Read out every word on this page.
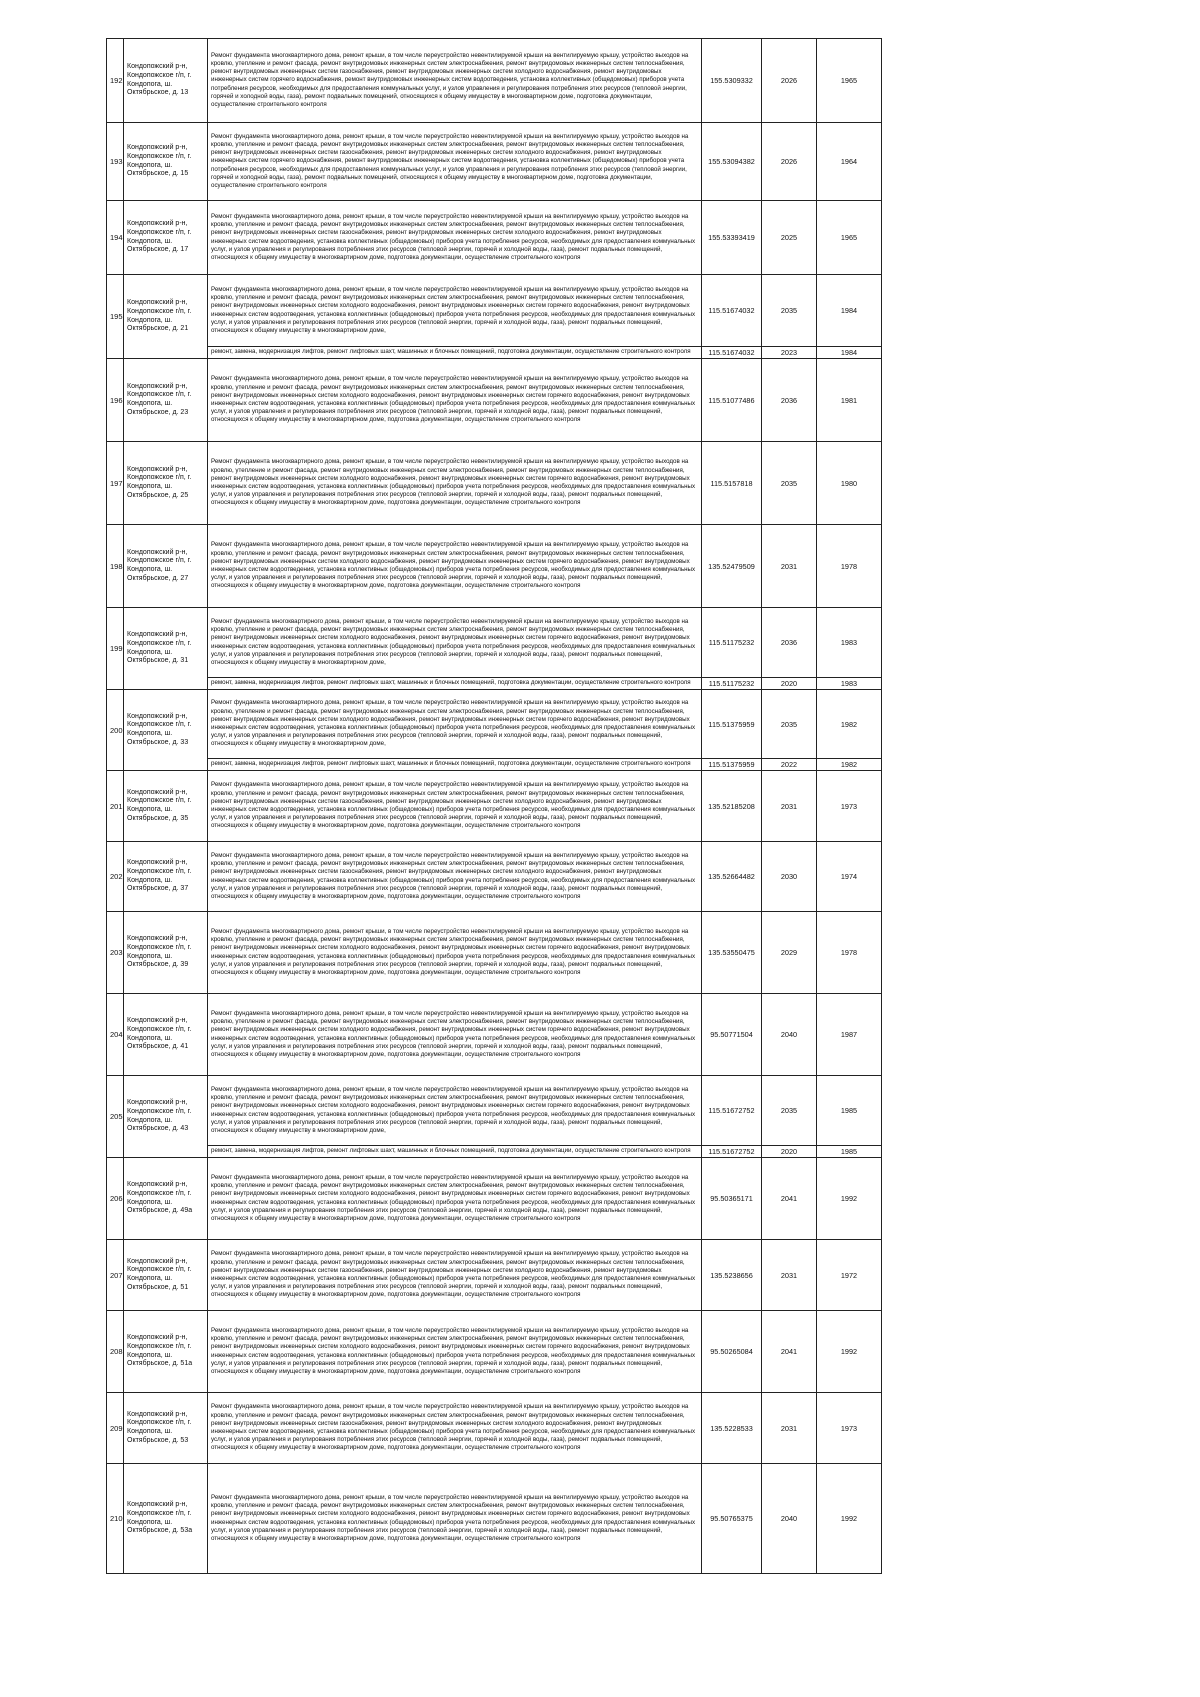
192	Кондопожский р-н, Кондопожское г/п, г. Кондопога, ш. Октябрьское, д. 13	Ремонт фундамента многоквартирного дома, ремонт крыши, в том числе переустройство невентилируемой крыши на вентилируемую крышу, устройство выходов на кровлю, утепление и ремонт фасада, ремонт внутридомовых инженерных систем электроснабжения, ремонт внутридомовых инженерных систем теплоснабжения, ремонт внутридомовых инженерных систем газоснабжения, ремонт внутридомовых инженерных систем холодного водоснабжения, ремонт внутридомовых инженерных систем горячего водоснабжения, ремонт внутридомовых инженерных систем водоотведения, установка коллективных (общедомовых) приборов учета потребления ресурсов, необходимых для предоставления коммунальных услуг, и узлов управления и регулирования потребления этих ресурсов (тепловой энергии, горячей и холодной воды, газа), ремонт подвальных помещений, относящихся к общему имуществу в многоквартирном доме, подготовка документации, осуществление строительного контроля	155.5309332	2026	1965
193	Кондопожский р-н, Кондопожское г/п, г. Кондопога, ш. Октябрьское, д. 15	Ремонт фундамента многоквартирного дома, ремонт крыши, в том числе переустройство невентилируемой крыши на вентилируемую крышу, устройство выходов на кровлю, утепление и ремонт фасада, ремонт внутридомовых инженерных систем электроснабжения, ремонт внутридомовых инженерных систем теплоснабжения, ремонт внутридомовых инженерных систем газоснабжения, ремонт внутридомовых инженерных систем холодного водоснабжения, ремонт внутридомовых инженерных систем горячего водоснабжения, ремонт внутридомовых инженерных систем водоотведения, установка коллективных (общедомовых) приборов учета потребления ресурсов, необходимых для предоставления коммунальных услуг, и узлов управления и регулирования потребления этих ресурсов (тепловой энергии, горячей и холодной воды, газа), ремонт подвальных помещений, относящихся к общему имуществу в многоквартирном доме, подготовка документации, осуществление строительного контроля	155.53094382	2026	1964
194	Кондопожский р-н, Кондопожское г/п, г. Кондопога, ш. Октябрьское, д. 17	Ремонт фундамента многоквартирного дома, ремонт крыши, в том числе переустройство невентилируемой крыши на вентилируемую крышу, устройство выходов на кровлю, утепление и ремонт фасада, ремонт внутридомовых инженерных систем электроснабжения, ремонт внутридомовых инженерных систем теплоснабжения, ремонт внутридомовых инженерных систем газоснабжения, ремонт внутридомовых инженерных систем холодного водоснабжения, ремонт внутридомовых инженерных систем водоотведения, установка коллективных (общедомовых) приборов учета потребления ресурсов, необходимых для предоставления коммунальных услуг, и узлов управления и регулирования потребления этих ресурсов (тепловой энергии, горячей и холодной воды, газа), ремонт подвальных помещений, относящихся к общему имуществу в многоквартирном доме, подготовка документации, осуществление строительного контроля	155.53393419	2025	1965
195	Кондопожский р-н, Кондопожское г/п, г. Кондопога, ш. Октябрьское, д. 21	Ремонт фундамента многоквартирного дома, ремонт крыши, в том числе переустройство невентилируемой крыши на вентилируемую крышу, устройство выходов на кровлю, утепление и ремонт фасада, ремонт внутридомовых инженерных систем электроснабжения, ремонт внутридомовых инженерных систем теплоснабжения, ремонт внутридомовых инженерных систем холодного водоснабжения, ремонт внутридомовых инженерных систем горячего водоснабжения, ремонт внутридомовых инженерных систем водоотведения, установка коллективных (общедомовых) приборов учета потребления ресурсов, необходимых для предоставления коммунальных услуг, и узлов управления и регулирования потребления этих ресурсов (тепловой энергии, горячей и холодной воды, газа), ремонт подвальных помещений, относящихся к общему имуществу в многоквартирном доме,	115.51674032	2035	1984
		ремонт, замена, модернизация лифтов, ремонт лифтовых шахт, машинных и блочных помещений, подготовка документации, осуществление строительного контроля	115.51674032	2023	1984
196	Кондопожский р-н, Кондопожское г/п, г. Кондопога, ш. Октябрьское, д. 23	Ремонт фундамента многоквартирного дома, ремонт крыши, в том числе переустройство невентилируемой крыши на вентилируемую крышу, устройство выходов на кровлю, утепление и ремонт фасада, ремонт внутридомовых инженерных систем электроснабжения, ремонт внутридомовых инженерных систем теплоснабжения, ремонт внутридомовых инженерных систем холодного водоснабжения, ремонт внутридомовых инженерных систем горячего водоснабжения, ремонт внутридомовых инженерных систем водоотведения, установка коллективных (общедомовых) приборов учета потребления ресурсов, необходимых для предоставления коммунальных услуг, и узлов управления и регулирования потребления этих ресурсов (тепловой энергии, горячей и холодной воды, газа), ремонт подвальных помещений, относящихся к общему имуществу в многоквартирном доме, подготовка документации, осуществление строительного контроля	115.51077486	2036	1981
197	Кондопожский р-н, Кондопожское г/п, г. Кондопога, ш. Октябрьское, д. 25	Ремонт фундамента многоквартирного дома, ремонт крыши, в том числе переустройство невентилируемой крыши на вентилируемую крышу, устройство выходов на кровлю, утепление и ремонт фасада, ремонт внутридомовых инженерных систем электроснабжения, ремонт внутридомовых инженерных систем теплоснабжения, ремонт внутридомовых инженерных систем холодного водоснабжения, ремонт внутридомовых инженерных систем горячего водоснабжения, ремонт внутридомовых инженерных систем водоотведения, установка коллективных (общедомовых) приборов учета потребления ресурсов, необходимых для предоставления коммунальных услуг, и узлов управления и регулирования потребления этих ресурсов (тепловой энергии, горячей и холодной воды, газа), ремонт подвальных помещений, относящихся к общему имуществу в многоквартирном доме, подготовка документации, осуществление строительного контроля	115.5157818	2035	1980
198	Кондопожский р-н, Кондопожское г/п, г. Кондопога, ш. Октябрьское, д. 27	Ремонт фундамента многоквартирного дома, ремонт крыши, в том числе переустройство невентилируемой крыши на вентилируемую крышу, устройство выходов на кровлю, утепление и ремонт фасада, ремонт внутридомовых инженерных систем электроснабжения, ремонт внутридомовых инженерных систем теплоснабжения, ремонт внутридомовых инженерных систем холодного водоснабжения, ремонт внутридомовых инженерных систем горячего водоснабжения, ремонт внутридомовых инженерных систем водоотведения, установка коллективных (общедомовых) приборов учета потребления ресурсов, необходимых для предоставления коммунальных услуг, и узлов управления и регулирования потребления этих ресурсов (тепловой энергии, горячей и холодной воды, газа), ремонт подвальных помещений, относящихся к общему имуществу в многоквартирном доме, подготовка документации, осуществление строительного контроля	135.52479509	2031	1978
199	Кондопожский р-н, Кондопожское г/п, г. Кондопога, ш. Октябрьское, д. 31	Ремонт фундамента многоквартирного дома, ремонт крыши, в том числе переустройство невентилируемой крыши на вентилируемую крышу, устройство выходов на кровлю, утепление и ремонт фасада, ремонт внутридомовых инженерных систем электроснабжения, ремонт внутридомовых инженерных систем теплоснабжения, ремонт внутридомовых инженерных систем холодного водоснабжения, ремонт внутридомовых инженерных систем горячего водоснабжения, ремонт внутридомовых инженерных систем водоотведения, установка коллективных (общедомовых) приборов учета потребления ресурсов, необходимых для предоставления коммунальных услуг, и узлов управления и регулирования потребления этих ресурсов (тепловой энергии, горячей и холодной воды, газа), ремонт подвальных помещений, относящихся к общему имуществу в многоквартирном доме,	115.51175232	2036	1983
		ремонт, замена, модернизация лифтов, ремонт лифтовых шахт, машинных и блочных помещений, подготовка документации, осуществление строительного контроля	115.51175232	2020	1983
200	Кондопожский р-н, Кондопожское г/п, г. Кондопога, ш. Октябрьское, д. 33	Ремонт фундамента многоквартирного дома, ремонт крыши, в том числе переустройство невентилируемой крыши на вентилируемую крышу, устройство выходов на кровлю, утепление и ремонт фасада, ремонт внутридомовых инженерных систем электроснабжения, ремонт внутридомовых инженерных систем теплоснабжения, ремонт внутридомовых инженерных систем холодного водоснабжения, ремонт внутридомовых инженерных систем горячего водоснабжения, ремонт внутридомовых инженерных систем водоотведения, установка коллективных (общедомовых) приборов учета потребления ресурсов, необходимых для предоставления коммунальных услуг, и узлов управления и регулирования потребления этих ресурсов (тепловой энергии, горячей и холодной воды, газа), ремонт подвальных помещений, относящихся к общему имуществу в многоквартирном доме,	115.51375959	2035	1982
		ремонт, замена, модернизация лифтов, ремонт лифтовых шахт, машинных и блочных помещений, подготовка документации, осуществление строительного контроля	115.51375959	2022	1982
201	Кондопожский р-н, Кондопожское г/п, г. Кондопога, ш. Октябрьское, д. 35	Ремонт фундамента многоквартирного дома, ремонт крыши, в том числе переустройство невентилируемой крыши на вентилируемую крышу, устройство выходов на кровлю, утепление и ремонт фасада, ремонт внутридомовых инженерных систем электроснабжения, ремонт внутридомовых инженерных систем теплоснабжения, ремонт внутридомовых инженерных систем газоснабжения, ремонт внутридомовых инженерных систем холодного водоснабжения, ремонт внутридомовых инженерных систем водоотведения, установка коллективных (общедомовых) приборов учета потребления ресурсов, необходимых для предоставления коммунальных услуг, и узлов управления и регулирования потребления этих ресурсов (тепловой энергии, горячей и холодной воды, газа), ремонт подвальных помещений, относящихся к общему имуществу в многоквартирном доме, подготовка документации, осуществление строительного контроля	135.52185208	2031	1973
202	Кондопожский р-н, Кондопожское г/п, г. Кондопога, ш. Октябрьское, д. 37	Ремонт фундамента многоквартирного дома, ремонт крыши, в том числе переустройство невентилируемой крыши на вентилируемую крышу, устройство выходов на кровлю, утепление и ремонт фасада, ремонт внутридомовых инженерных систем электроснабжения, ремонт внутридомовых инженерных систем теплоснабжения, ремонт внутридомовых инженерных систем газоснабжения, ремонт внутридомовых инженерных систем холодного водоснабжения, ремонт внутридомовых инженерных систем водоотведения, установка коллективных (общедомовых) приборов учета потребления ресурсов, необходимых для предоставления коммунальных услуг, и узлов управления и регулирования потребления этих ресурсов (тепловой энергии, горячей и холодной воды, газа), ремонт подвальных помещений, относящихся к общему имуществу в многоквартирном доме, подготовка документации, осуществление строительного контроля	135.52664482	2030	1974
203	Кондопожский р-н, Кондопожское г/п, г. Кондопога, ш. Октябрьское, д. 39	Ремонт фундамента многоквартирного дома, ремонт крыши, в том числе переустройство невентилируемой крыши на вентилируемую крышу, устройство выходов на кровлю, утепление и ремонт фасада, ремонт внутридомовых инженерных систем электроснабжения, ремонт внутридомовых инженерных систем теплоснабжения, ремонт внутридомовых инженерных систем холодного водоснабжения, ремонт внутридомовых инженерных систем горячего водоснабжения, ремонт внутридомовых инженерных систем водоотведения, установка коллективных (общедомовых) приборов учета потребления ресурсов, необходимых для предоставления коммунальных услуг, и узлов управления и регулирования потребления этих ресурсов (тепловой энергии, горячей и холодной воды, газа), ремонт подвальных помещений, относящихся к общему имуществу в многоквартирном доме, подготовка документации, осуществление строительного контроля	135.53550475	2029	1978
204	Кондопожский р-н, Кондопожское г/п, г. Кондопога, ш. Октябрьское, д. 41	Ремонт фундамента многоквартирного дома, ремонт крыши, в том числе переустройство невентилируемой крыши на вентилируемую крышу, устройство выходов на кровлю, утепление и ремонт фасада, ремонт внутридомовых инженерных систем электроснабжения, ремонт внутридомовых инженерных систем теплоснабжения, ремонт внутридомовых инженерных систем холодного водоснабжения, ремонт внутридомовых инженерных систем горячего водоснабжения, ремонт внутридомовых инженерных систем водоотведения, установка коллективных (общедомовых) приборов учета потребления ресурсов, необходимых для предоставления коммунальных услуг, и узлов управления и регулирования потребления этих ресурсов (тепловой энергии, горячей и холодной воды, газа), ремонт подвальных помещений, относящихся к общему имуществу в многоквартирном доме, подготовка документации, осуществление строительного контроля	95.50771504	2040	1987
205	Кондопожский р-н, Кондопожское г/п, г. Кондопога, ш. Октябрьское, д. 43	Ремонт фундамента многоквартирного дома, ремонт крыши, в том числе переустройство невентилируемой крыши на вентилируемую крышу, устройство выходов на кровлю, утепление и ремонт фасада, ремонт внутридомовых инженерных систем электроснабжения, ремонт внутридомовых инженерных систем теплоснабжения, ремонт внутридомовых инженерных систем холодного водоснабжения, ремонт внутридомовых инженерных систем горячего водоснабжения, ремонт внутридомовых инженерных систем водоотведения, установка коллективных (общедомовых) приборов учета потребления ресурсов, необходимых для предоставления коммунальных услуг, и узлов управления и регулирования потребления этих ресурсов (тепловой энергии, горячей и холодной воды, газа), ремонт подвальных помещений, относящихся к общему имуществу в многоквартирном доме,	115.51672752	2035	1985
		ремонт, замена, модернизация лифтов, ремонт лифтовых шахт, машинных и блочных помещений, подготовка документации, осуществление строительного контроля	115.51672752	2020	1985
206	Кондопожский р-н, Кондопожское г/п, г. Кондопога, ш. Октябрьское, д. 49а	Ремонт фундамента многоквартирного дома, ремонт крыши, в том числе переустройство невентилируемой крыши на вентилируемую крышу, устройство выходов на кровлю, утепление и ремонт фасада, ремонт внутридомовых инженерных систем электроснабжения, ремонт внутридомовых инженерных систем теплоснабжения, ремонт внутридомовых инженерных систем холодного водоснабжения, ремонт внутридомовых инженерных систем горячего водоснабжения, ремонт внутридомовых инженерных систем водоотведения, установка коллективных (общедомовых) приборов учета потребления ресурсов, необходимых для предоставления коммунальных услуг, и узлов управления и регулирования потребления этих ресурсов (тепловой энергии, горячей и холодной воды, газа), ремонт подвальных помещений, относящихся к общему имуществу в многоквартирном доме, подготовка документации, осуществление строительного контроля	95.50365171	2041	1992
207	Кондопожский р-н, Кондопожское г/п, г. Кондопога, ш. Октябрьское, д. 51	Ремонт фундамента многоквартирного дома, ремонт крыши, в том числе переустройство невентилируемой крыши на вентилируемую крышу, устройство выходов на кровлю, утепление и ремонт фасада, ремонт внутридомовых инженерных систем электроснабжения, ремонт внутридомовых инженерных систем теплоснабжения, ремонт внутридомовых инженерных систем газоснабжения, ремонт внутридомовых инженерных систем холодного водоснабжения, ремонт внутридомовых инженерных систем водоотведения, установка коллективных (общедомовых) приборов учета потребления ресурсов, необходимых для предоставления коммунальных услуг, и узлов управления и регулирования потребления этих ресурсов (тепловой энергии, горячей и холодной воды, газа), ремонт подвальных помещений, относящихся к общему имуществу в многоквартирном доме, подготовка документации, осуществление строительного контроля	135.5238656	2031	1972
208	Кондопожский р-н, Кондопожское г/п, г. Кондопога, ш. Октябрьское, д. 51а	Ремонт фундамента многоквартирного дома, ремонт крыши, в том числе переустройство невентилируемой крыши на вентилируемую крышу, устройство выходов на кровлю, утепление и ремонт фасада, ремонт внутридомовых инженерных систем электроснабжения, ремонт внутридомовых инженерных систем теплоснабжения, ремонт внутридомовых инженерных систем холодного водоснабжения, ремонт внутридомовых инженерных систем горячего водоснабжения, ремонт внутридомовых инженерных систем водоотведения, установка коллективных (общедомовых) приборов учета потребления ресурсов, необходимых для предоставления коммунальных услуг, и узлов управления и регулирования потребления этих ресурсов (тепловой энергии, горячей и холодной воды, газа), ремонт подвальных помещений, относящихся к общему имуществу в многоквартирном доме, подготовка документации, осуществление строительного контроля	95.50265084	2041	1992
209	Кондопожский р-н, Кондопожское г/п, г. Кондопога, ш. Октябрьское, д. 53	Ремонт фундамента многоквартирного дома, ремонт крыши, в том числе переустройство невентилируемой крыши на вентилируемую крышу, устройство выходов на кровлю, утепление и ремонт фасада, ремонт внутридомовых инженерных систем электроснабжения, ремонт внутридомовых инженерных систем теплоснабжения, ремонт внутридомовых инженерных систем газоснабжения, ремонт внутридомовых инженерных систем холодного водоснабжения, ремонт внутридомовых инженерных систем водоотведения, установка коллективных (общедомовых) приборов учета потребления ресурсов, необходимых для предоставления коммунальных услуг, и узлов управления и регулирования потребления этих ресурсов (тепловой энергии, горячей и холодной воды, газа), ремонт подвальных помещений, относящихся к общему имуществу в многоквартирном доме, подготовка документации, осуществление строительного контроля	135.5228533	2031	1973
210	Кондопожский р-н, Кондопожское г/п, г. Кондопога, ш. Октябрьское, д. 53а	Ремонт фундамента многоквартирного дома, ремонт крыши, в том числе переустройство невентилируемой крыши на вентилируемую крышу, устройство выходов на кровлю, утепление и ремонт фасада, ремонт внутридомовых инженерных систем электроснабжения, ремонт внутридомовых инженерных систем теплоснабжения, ремонт внутридомовых инженерных систем холодного водоснабжения, ремонт внутридомовых инженерных систем горячего водоснабжения, ремонт внутридомовых инженерных систем водоотведения, установка коллективных (общедомовых) приборов учета потребления ресурсов, необходимых для предоставления коммунальных услуг, и узлов управления и регулирования потребления этих ресурсов (тепловой энергии, горячей и холодной воды, газа), ремонт подвальных помещений, относящихся к общему имуществу в многоквартирном доме, подготовка документации, осуществление строительного контроля	95.50765375	2040	1992
